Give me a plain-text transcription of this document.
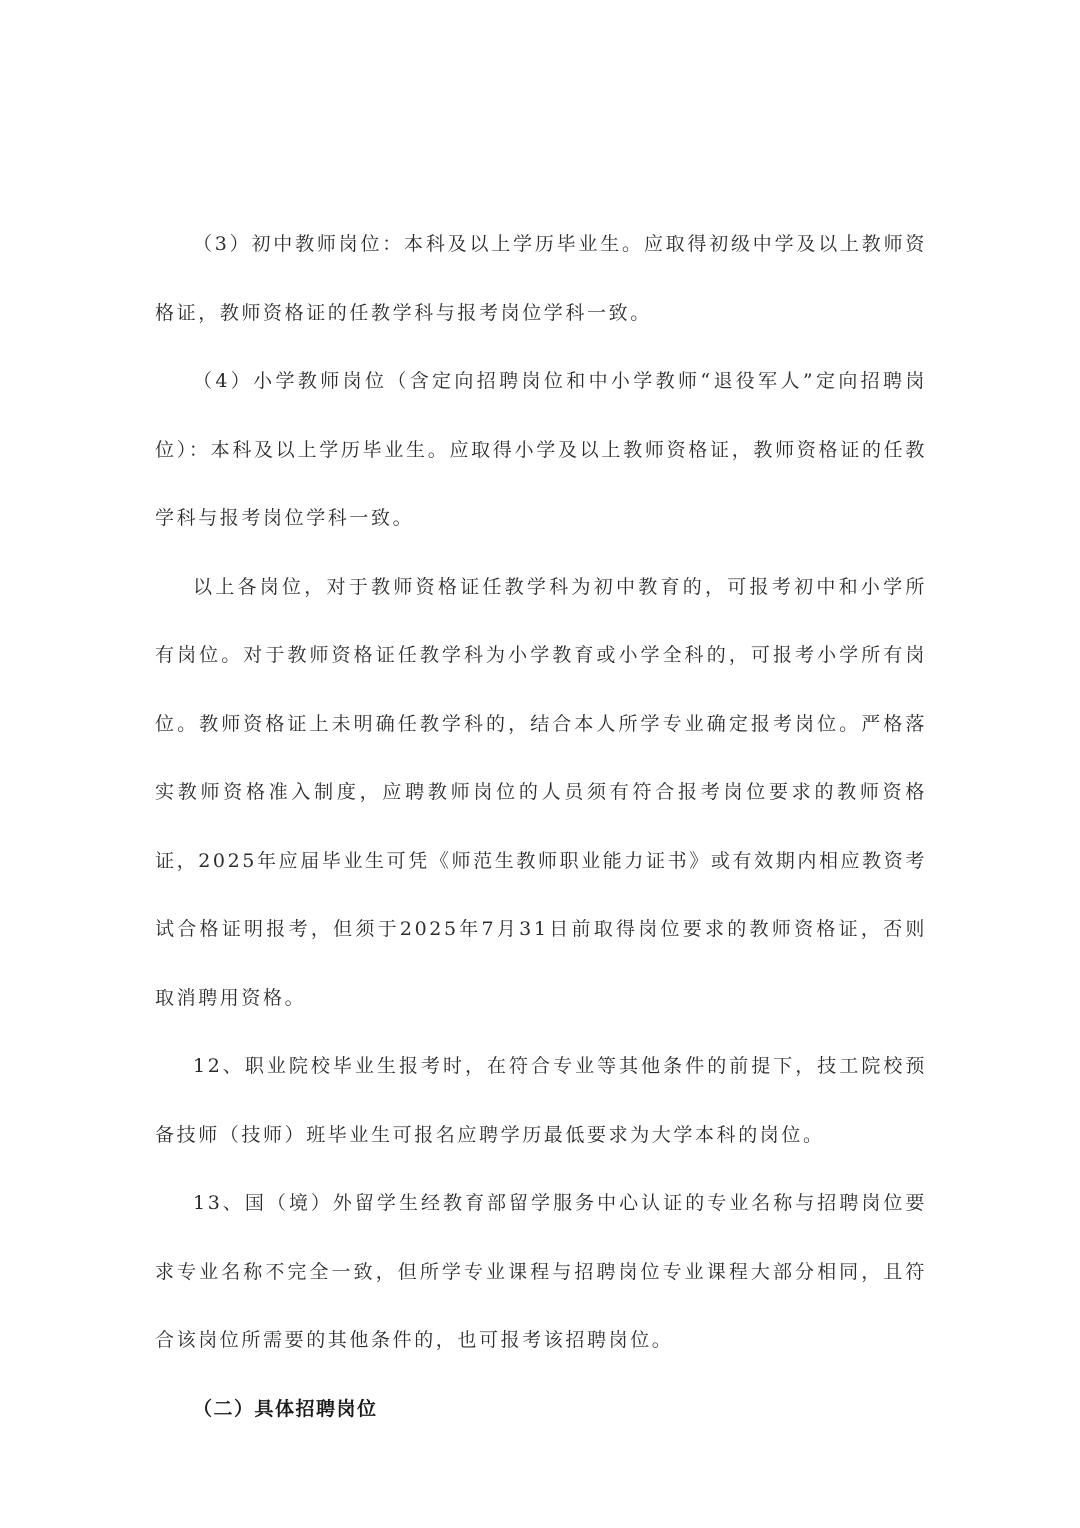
（3）初中教师岗位：本科及以上学历毕业生。应取得初级中学及以上教师资格证，教师资格证的任教学科与报考岗位学科一致。

（4）小学教师岗位（含定向招聘岗位和中小学教师“退役军人”定向招聘岗位）：本科及以上学历毕业生。应取得小学及以上教师资格证，教师资格证的任教学科与报考岗位学科一致。

以上各岗位，对于教师资格证任教学科为初中教育的，可报考初中和小学所有岗位。对于教师资格证任教学科为小学教育或小学全科的，可报考小学所有岗位。教师资格证上未明确任教学科的，结合本人所学专业确定报考岗位。严格落实教师资格准入制度，应聘教师岗位的人员须有符合报考岗位要求的教师资格证，2025年应届毕业生可凭《师范生教师职业能力证书》或有效期内相应教资考试合格证明报考，但须于2025年7月31日前取得岗位要求的教师资格证，否则取消聘用资格。

12、职业院校毕业生报考时，在符合专业等其他条件的前提下，技工院校预备技师（技师）班毕业生可报名应聘学历最低要求为大学本科的岗位。

13、国（境）外留学生经教育部留学服务中心认证的专业名称与招聘岗位要求专业名称不完全一致，但所学专业课程与招聘岗位专业课程大部分相同，且符合该岗位所需要的其他条件的，也可报考该招聘岗位。

（二）具体招聘岗位
